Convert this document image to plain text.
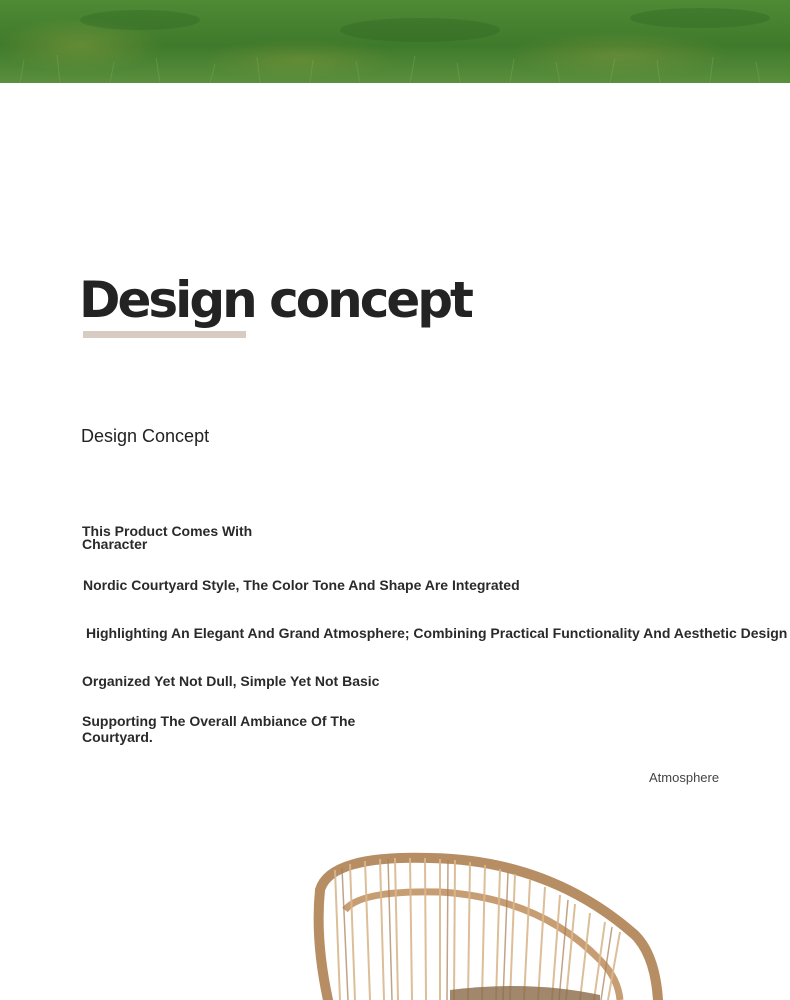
Design concept
Design Concept
This Product Comes With Character
Nordic Courtyard Style, The Color Tone And Shape Are Integrated
Highlighting An Elegant And Grand Atmosphere; Combining Practical Functionality And Aesthetic Design
Organized Yet Not Dull, Simple Yet Not Basic
Supporting The Overall Ambiance Of The Courtyard.
Atmosphere
